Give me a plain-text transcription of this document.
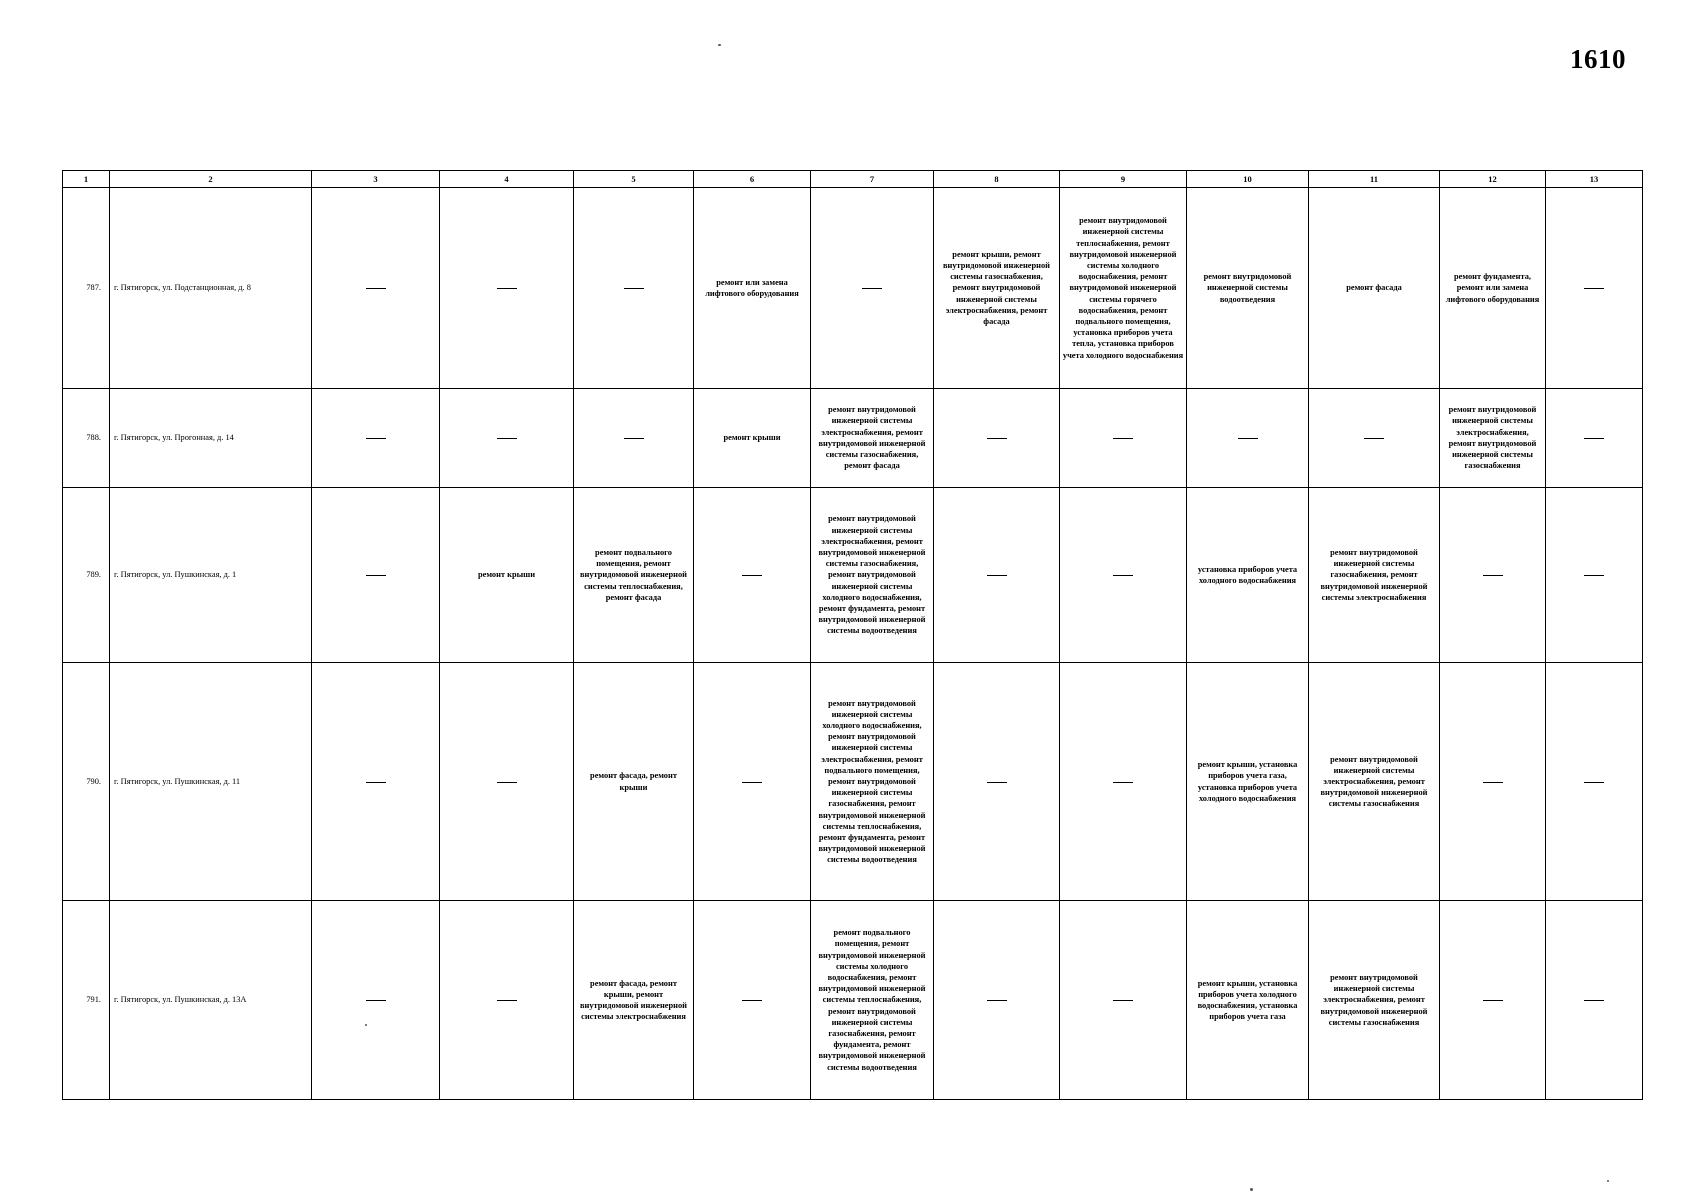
1610
1	2	3	4	5	6	7	8	9	10	11	12	13
787.	г. Пятигорск, ул. Подстанционная, д. 8				ремонт или замена лифтового оборудования		ремонт крыши, ремонт внутридомовой инженерной системы газоснабжения, ремонт внутридомовой инженерной системы электроснабжения, ремонт фасада	ремонт внутридомовой инженерной системы теплоснабжения, ремонт внутридомовой инженерной системы холодного водоснабжения, ремонт внутридомовой инженерной системы горячего водоснабжения, ремонт подвального помещения, установка приборов учета тепла, установка приборов учета холодного водоснабжения	ремонт внутридомовой инженерной системы водоотведения	ремонт фасада	ремонт фундамента, ремонт или замена лифтового оборудования	
788.	г. Пятигорск, ул. Прогонная, д. 14				ремонт крыши	ремонт внутридомовой инженерной системы электроснабжения, ремонт внутридомовой инженерной системы газоснабжения, ремонт фасада					ремонт внутридомовой инженерной системы электроснабжения, ремонт внутридомовой инженерной системы газоснабжения	
789.	г. Пятигорск, ул. Пушкинская, д. 1		ремонт крыши	ремонт подвального помещения, ремонт внутридомовой инженерной системы теплоснабжения, ремонт фасада		ремонт внутридомовой инженерной системы электроснабжения, ремонт внутридомовой инженерной системы газоснабжения, ремонт внутридомовой инженерной системы холодного водоснабжения, ремонт фундамента, ремонт внутридомовой инженерной системы водоотведения			установка приборов учета холодного водоснабжения	ремонт внутридомовой инженерной системы газоснабжения, ремонт внутридомовой инженерной системы электроснабжения		
790.	г. Пятигорск, ул. Пушкинская, д. 11			ремонт фасада, ремонт крыши		ремонт внутридомовой инженерной системы холодного водоснабжения, ремонт внутридомовой инженерной системы электроснабжения, ремонт подвального помещения, ремонт внутридомовой инженерной системы газоснабжения, ремонт внутридомовой инженерной системы теплоснабжения, ремонт фундамента, ремонт внутридомовой инженерной системы водоотведения			ремонт крыши, установка приборов учета газа, установка приборов учета холодного водоснабжения	ремонт внутридомовой инженерной системы электроснабжения, ремонт внутридомовой инженерной системы газоснабжения		
791.	г. Пятигорск, ул. Пушкинская, д. 13А			ремонт фасада, ремонт крыши, ремонт внутридомовой инженерной системы электроснабжения		ремонт подвального помещения, ремонт внутридомовой инженерной системы холодного водоснабжения, ремонт внутридомовой инженерной системы теплоснабжения, ремонт внутридомовой инженерной системы газоснабжения, ремонт фундамента, ремонт внутридомовой инженерной системы водоотведения			ремонт крыши, установка приборов учета холодного водоснабжения, установка приборов учета газа	ремонт внутридомовой инженерной системы электроснабжения, ремонт внутридомовой инженерной системы газоснабжения		
